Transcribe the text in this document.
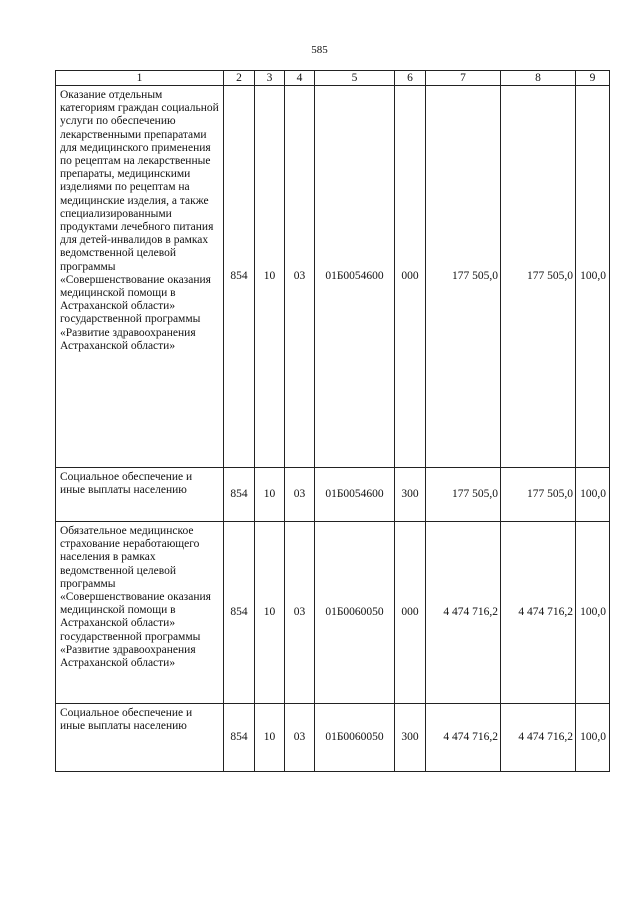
585
1	2	3	4	5	6	7	8	9
Оказание отдельным категориям граждан социальной услуги по обеспечению лекарственными препаратами для медицинского применения по рецептам на лекарственные препараты, медицинскими изделиями по рецептам на медицинские изделия, а также специализированными продуктами лечебного питания для детей-инвалидов в рамках ведомственной целевой программы «Совершенствование оказания медицинской помощи в Астраханской области» государственной программы «Развитие здравоохранения Астраханской области»	854	10	03	01Б0054600	000	177 505,0	177 505,0	100,0
Социальное обеспечение и иные выплаты населению	854	10	03	01Б0054600	300	177 505,0	177 505,0	100,0
Обязательное медицинское страхование неработающего населения в рамках ведомственной целевой программы «Совершенствование оказания медицинской помощи в Астраханской области» государственной программы «Развитие здравоохранения Астраханской области»	854	10	03	01Б0060050	000	4 474 716,2	4 474 716,2	100,0
Социальное обеспечение и иные выплаты населению	854	10	03	01Б0060050	300	4 474 716,2	4 474 716,2	100,0
